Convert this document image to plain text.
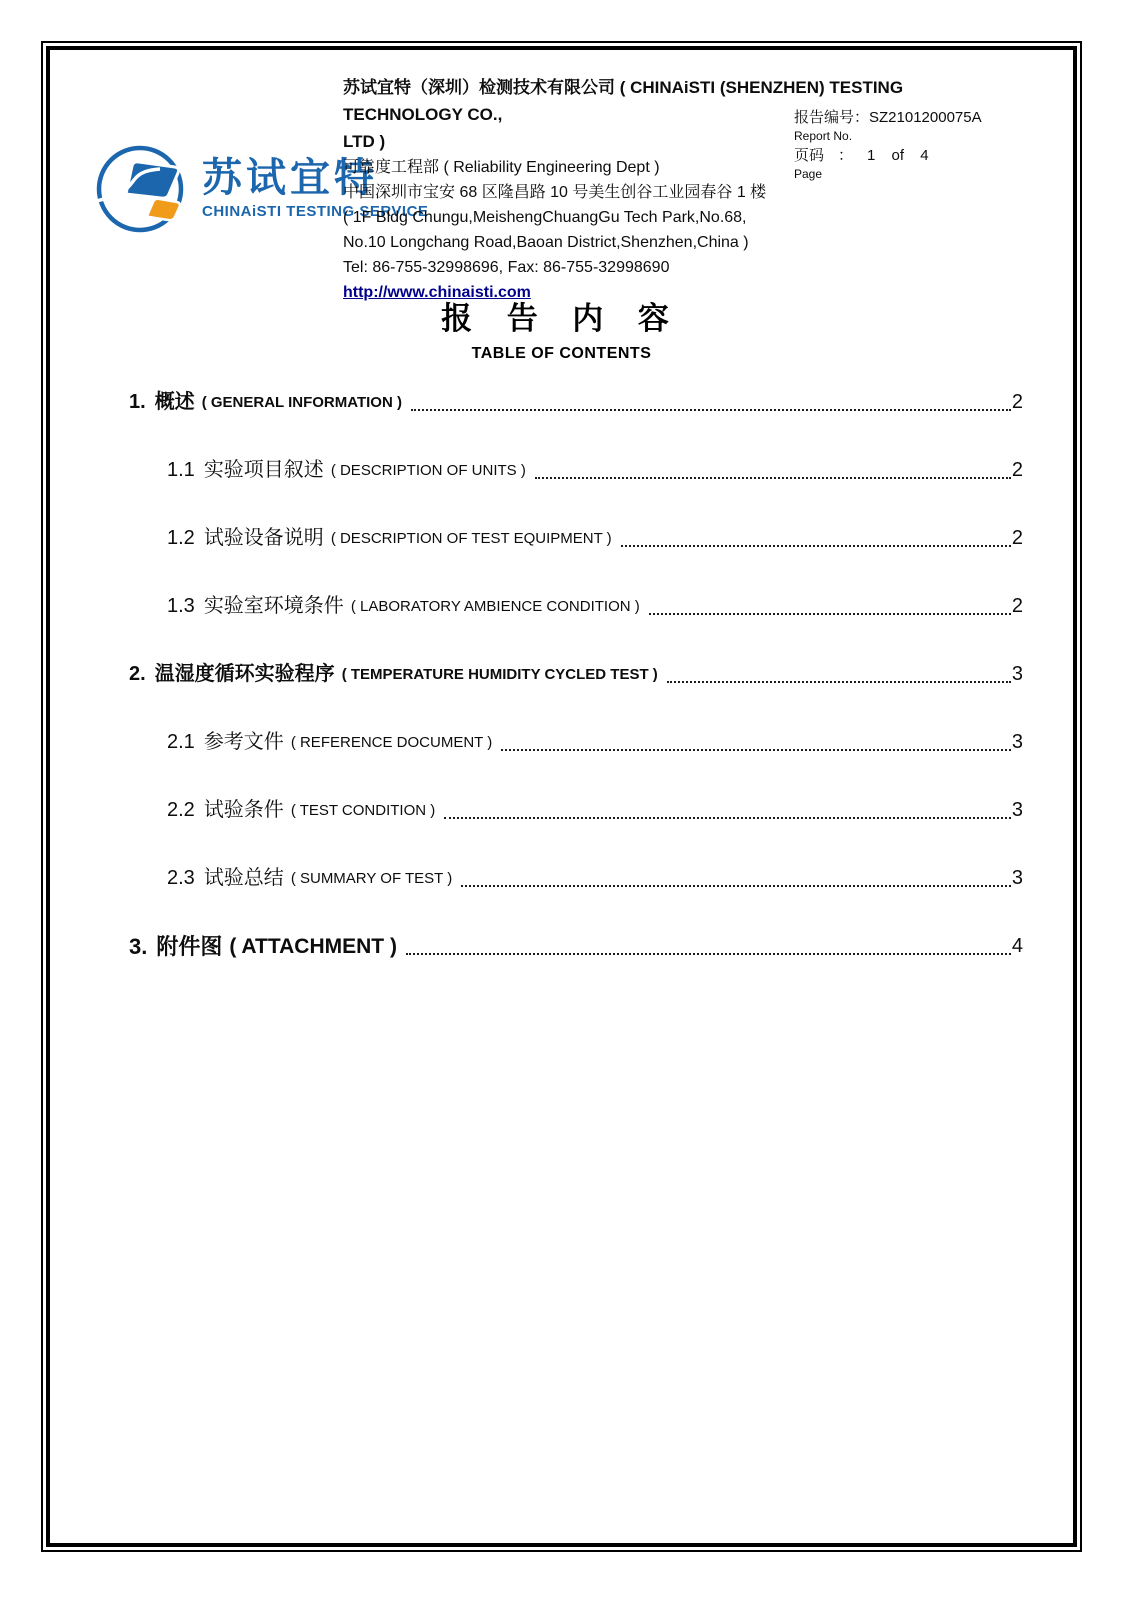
苏试宜特
CHINAiSTI TESTING SERVICE
苏试宜特（深圳）检测技术有限公司 ( CHINAiSTI (SHENZHEN) TESTING TECHNOLOGY CO.,
LTD )
可靠度工程部 ( Reliability Engineering Dept )
中国深圳市宝安 68 区隆昌路 10 号美生创谷工业园春谷 1 楼
( 1F Bldg Chungu,MeishengChuangGu Tech Park,No.68,
No.10 Longchang Road,Baoan District,Shenzhen,China )
Tel: 86-755-32998696, Fax: 86-755-32998690
http://www.chinaisti.com
报告编号：SZ2101200075A
Report No.
页码 ： 1 of 4
Page
报 告 内 容
TABLE OF CONTENTS
1. 概述 ( GENERAL INFORMATION )	2
1.1 实验项目叙述 ( DESCRIPTION OF UNITS )	2
1.2 试验设备说明 ( DESCRIPTION OF TEST EQUIPMENT )	2
1.3 实验室环境条件 ( LABORATORY AMBIENCE CONDITION )	2
2. 温湿度循环实验程序 ( TEMPERATURE HUMIDITY CYCLED TEST )	3
2.1 参考文件 ( REFERENCE DOCUMENT )	3
2.2 试验条件 ( TEST CONDITION )	3
2.3 试验总结 ( SUMMARY OF TEST )	3
3. 附件图 ( ATTACHMENT )	4
